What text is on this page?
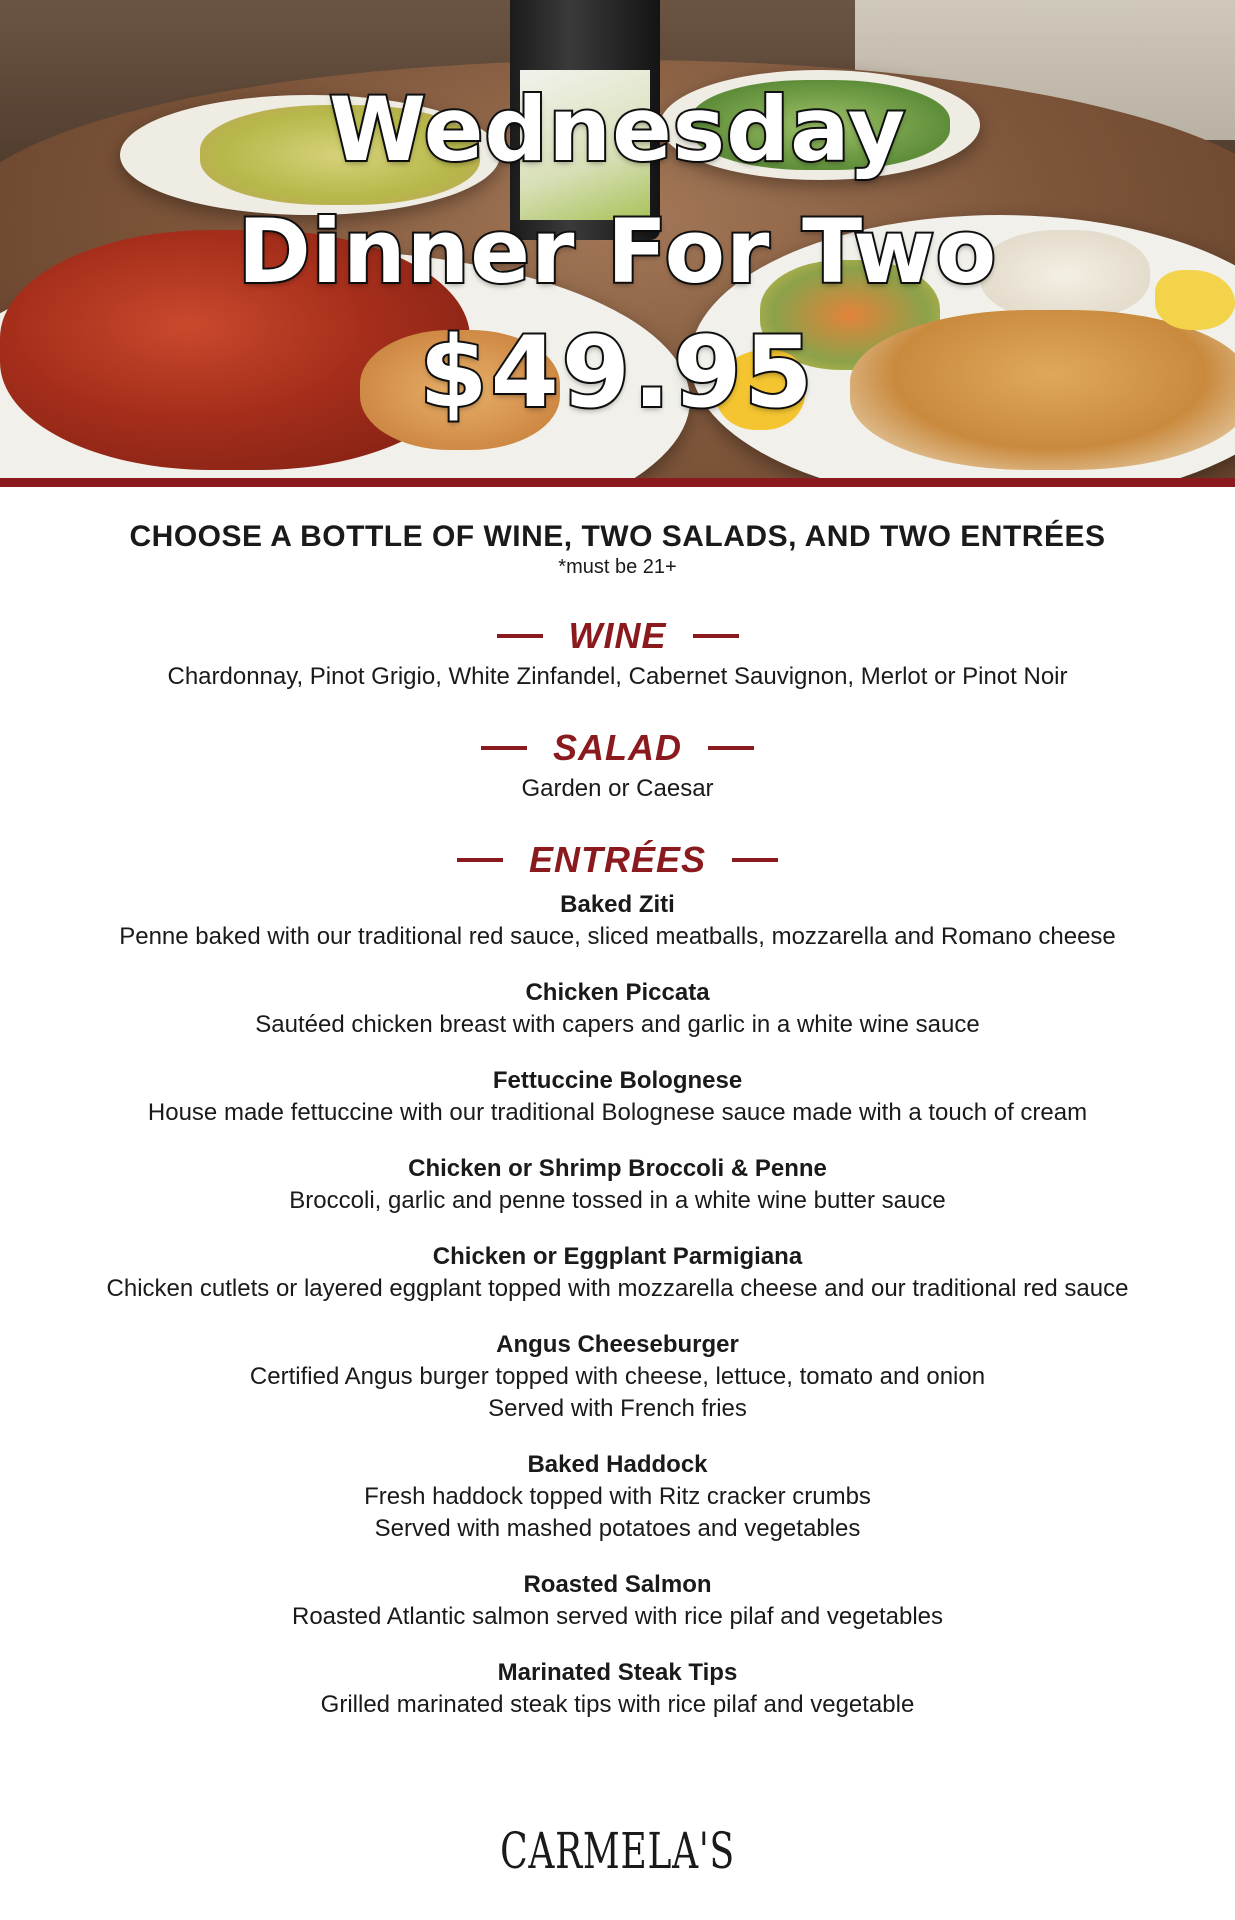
Wednesday
Dinner For Two
$49.95

CHOOSE A BOTTLE OF WINE, TWO SALADS, AND TWO ENTRÉES

*must be 21+

WINE

Chardonnay, Pinot Grigio, White Zinfandel, Cabernet Sauvignon, Merlot or Pinot Noir

SALAD

Garden or Caesar

ENTRÉES

Baked Ziti

Penne baked with our traditional red sauce, sliced meatballs, mozzarella and Romano cheese

Chicken Piccata

Sautéed chicken breast with capers and garlic in a white wine sauce

Fettuccine Bolognese

House made fettuccine with our traditional Bolognese sauce made with a touch of cream

Chicken or Shrimp Broccoli & Penne

Broccoli, garlic and penne tossed in a white wine butter sauce

Chicken or Eggplant Parmigiana

Chicken cutlets or layered eggplant topped with mozzarella cheese and our traditional red sauce

Angus Cheeseburger

Certified Angus burger topped with cheese, lettuce, tomato and onion

Served with French fries

Baked Haddock

Fresh haddock topped with Ritz cracker crumbs

Served with mashed potatoes and vegetables

Roasted Salmon

Roasted Atlantic salmon served with rice pilaf and vegetables

Marinated Steak Tips

Grilled marinated steak tips with rice pilaf and vegetable

CARMELA'S
